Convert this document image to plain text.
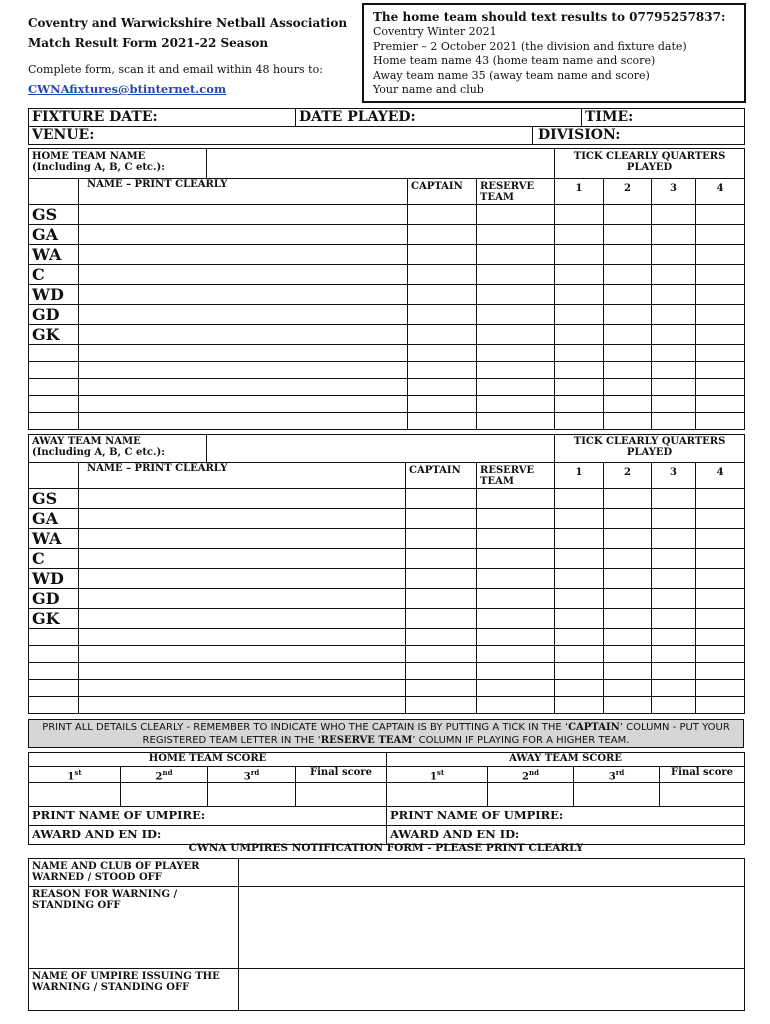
Coventry and Warwickshire Netball Association
Match Result Form 2021-22 Season
Complete form, scan it and email within 48 hours to:
CWNAfixtures@btinternet.com
The home team should text results to 07795257837:
Coventry Winter 2021
Premier – 2 October 2021 (the division and fixture date)
Home team name 43 (home team name and score)
Away team name 35 (away team name and score)
Your name and club
FIXTURE DATE:	DATE PLAYED:		TIME:
VENUE:		DIVISION:	
HOME TEAM NAME (Including A, B, C etc.):					TICK CLEARLY QUARTERS PLAYED			
	NAME – PRINT CLEARLY		CAPTAIN	RESERVE TEAM	1	2	3	4
GS								
GA								
WA								
C								
WD								
GD								
GK								

AWAY TEAM NAME (Including A, B, C etc.):					TICK CLEARLY QUARTERS PLAYED			
	NAME – PRINT CLEARLY		CAPTAIN	RESERVE TEAM	1	2	3	4
GS								
GA								
WA								
C								
WD								
GD								
GK								

PRINT ALL DETAILS CLEARLY - REMEMBER TO INDICATE WHO THE CAPTAIN IS BY PUTTING A TICK IN THE ‘CAPTAIN’ COLUMN - PUT YOUR REGISTERED TEAM LETTER IN THE ‘RESERVE TEAM’ COLUMN IF PLAYING FOR A HIGHER TEAM.
HOME TEAM SCORE				AWAY TEAM SCORE			
1st	2nd	3rd	Final score	1st	2nd	3rd	Final score

PRINT NAME OF UMPIRE:				PRINT NAME OF UMPIRE:			
AWARD AND EN ID:				AWARD AND EN ID:			
CWNA UMPIRES NOTIFICATION FORM - PLEASE PRINT CLEARLY
NAME AND CLUB OF PLAYER WARNED / STOOD OFF	
REASON FOR WARNING / STANDING OFF	
NAME OF UMPIRE ISSUING THE WARNING / STANDING OFF	
